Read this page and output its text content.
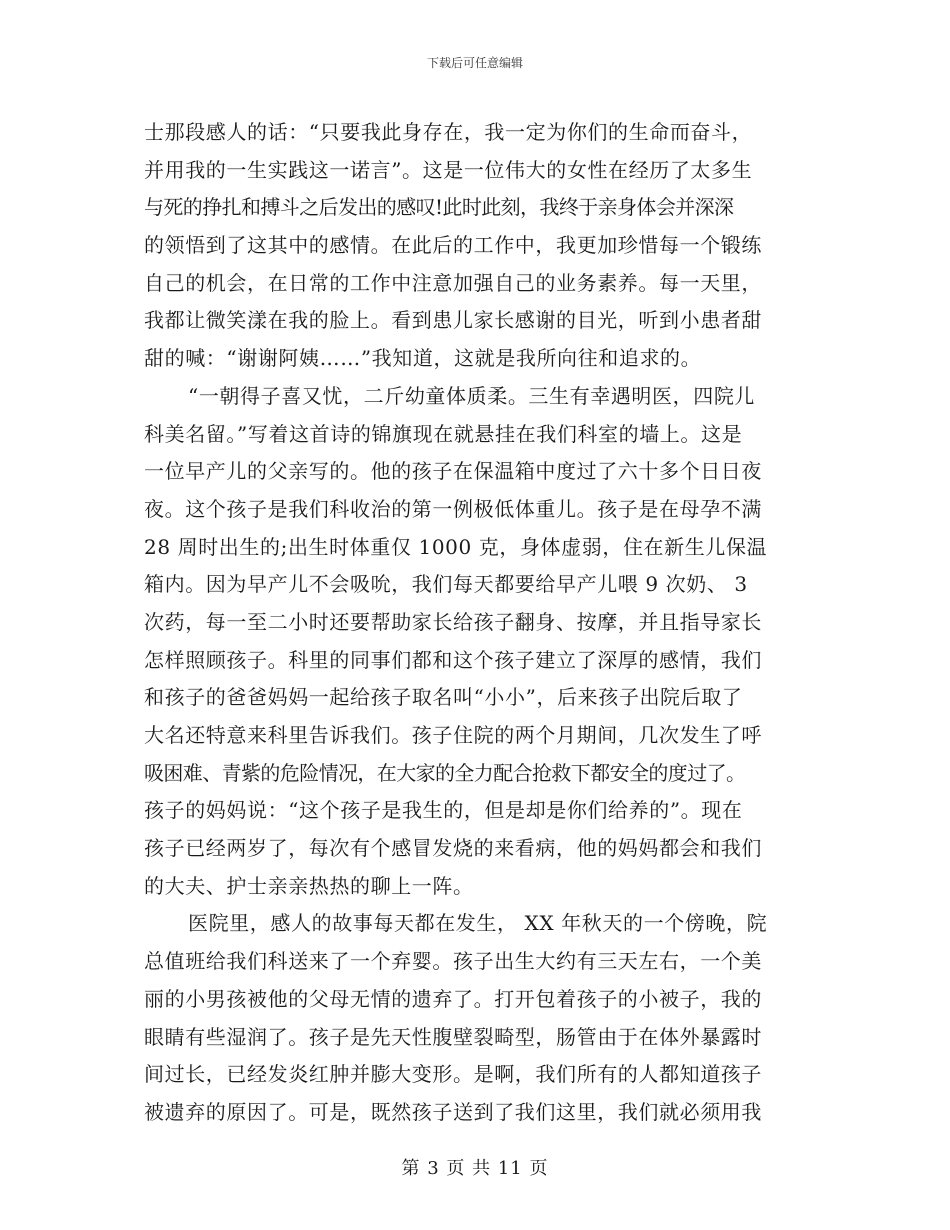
下载后可任意编辑
士那段感人的话：“只要我此身存在，我一定为你们的生命而奋斗，
并用我的一生实践这一诺言”。这是一位伟大的女性在经历了太多生
与死的挣扎和搏斗之后发出的感叹!此时此刻，我终于亲身体会并深深
的领悟到了这其中的感情。在此后的工作中，我更加珍惜每一个锻练
自己的机会，在日常的工作中注意加强自己的业务素养。每一天里，
我都让微笑漾在我的脸上。看到患儿家长感谢的目光，听到小患者甜
甜的喊：“谢谢阿姨……”我知道，这就是我所向往和追求的。
“一朝得子喜又忧，二斤幼童体质柔。三生有幸遇明医，四院儿
科美名留。”写着这首诗的锦旗现在就悬挂在我们科室的墙上。这是
一位早产儿的父亲写的。他的孩子在保温箱中度过了六十多个日日夜
夜。这个孩子是我们科收治的第一例极低体重儿。孩子是在母孕不满
28 周时出生的;出生时体重仅 1000 克，身体虚弱，住在新生儿保温
箱内。因为早产儿不会吸吮，我们每天都要给早产儿喂 9 次奶、 3
次药，每一至二小时还要帮助家长给孩子翻身、按摩，并且指导家长
怎样照顾孩子。科里的同事们都和这个孩子建立了深厚的感情，我们
和孩子的爸爸妈妈一起给孩子取名叫“小小”，后来孩子出院后取了
大名还特意来科里告诉我们。孩子住院的两个月期间，几次发生了呼
吸困难、青紫的危险情况，在大家的全力配合抢救下都安全的度过了。
孩子的妈妈说：“这个孩子是我生的，但是却是你们给养的”。现在
孩子已经两岁了，每次有个感冒发烧的来看病，他的妈妈都会和我们
的大夫、护士亲亲热热的聊上一阵。
医院里，感人的故事每天都在发生， XX 年秋天的一个傍晚，院
总值班给我们科送来了一个弃婴。孩子出生大约有三天左右，一个美
丽的小男孩被他的父母无情的遗弃了。打开包着孩子的小被子，我的
眼睛有些湿润了。孩子是先天性腹壁裂畸型，肠管由于在体外暴露时
间过长，已经发炎红肿并膨大变形。是啊，我们所有的人都知道孩子
被遗弃的原因了。可是，既然孩子送到了我们这里，我们就必须用我
第 3 页 共 11 页
